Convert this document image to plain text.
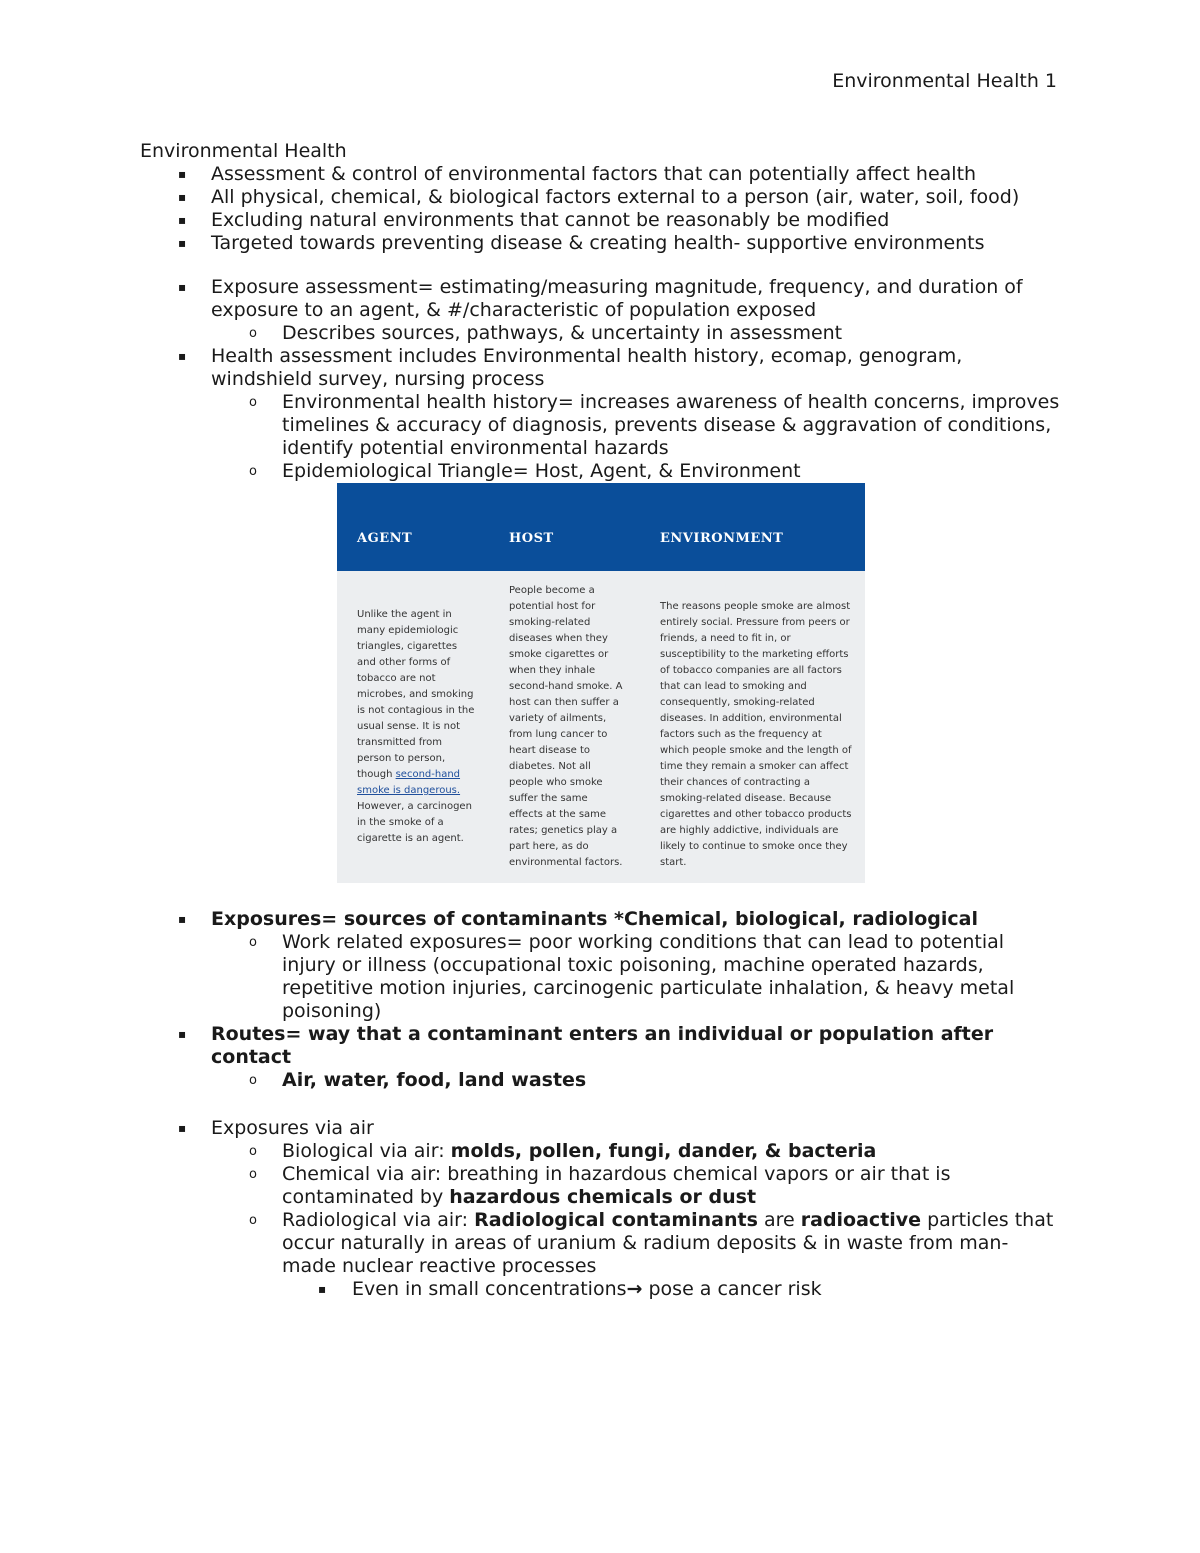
Environmental Health 1
Environmental Health
▪ Assessment & control of environmental factors that can potentially affect health
▪ All physical, chemical, & biological factors external to a person (air, water, soil, food)
▪ Excluding natural environments that cannot be reasonably be modified
▪ Targeted towards preventing disease & creating health- supportive environments
▪ Exposure assessment= estimating/measuring magnitude, frequency, and duration of exposure to an agent, & #/characteristic of population exposed
o Describes sources, pathways, & uncertainty in assessment
▪ Health assessment includes Environmental health history, ecomap, genogram, windshield survey, nursing process
o Environmental health history= increases awareness of health concerns, improves timelines & accuracy of diagnosis, prevents disease & aggravation of conditions, identify potential environmental hazards
o Epidemiological Triangle= Host, Agent, & Environment
AGENT	HOST	ENVIRONMENT
Unlike the agent in many epidemiologic triangles, cigarettes and other forms of tobacco are not microbes, and smoking is not contagious in the usual sense. It is not transmitted from person to person, though second-hand smoke is dangerous. However, a carcinogen in the smoke of a cigarette is an agent.
People become a potential host for smoking-related diseases when they smoke cigarettes or when they inhale second-hand smoke. A host can then suffer a variety of ailments, from lung cancer to heart disease to diabetes. Not all people who smoke suffer the same effects at the same rates; genetics play a part here, as do environmental factors.
The reasons people smoke are almost entirely social. Pressure from peers or friends, a need to fit in, or susceptibility to the marketing efforts of tobacco companies are all factors that can lead to smoking and consequently, smoking-related diseases. In addition, environmental factors such as the frequency at which people smoke and the length of time they remain a smoker can affect their chances of contracting a smoking-related disease. Because cigarettes and other tobacco products are highly addictive, individuals are likely to continue to smoke once they start.
▪ Exposures= sources of contaminants *Chemical, biological, radiological
o Work related exposures= poor working conditions that can lead to potential injury or illness (occupational toxic poisoning, machine operated hazards, repetitive motion injuries, carcinogenic particulate inhalation, & heavy metal poisoning)
▪ Routes= way that a contaminant enters an individual or population after contact
o Air, water, food, land wastes
▪ Exposures via air
o Biological via air: molds, pollen, fungi, dander, & bacteria
o Chemical via air: breathing in hazardous chemical vapors or air that is contaminated by hazardous chemicals or dust
o Radiological via air: Radiological contaminants are radioactive particles that occur naturally in areas of uranium & radium deposits & in waste from man- made nuclear reactive processes
▪ Even in small concentrations→ pose a cancer risk
